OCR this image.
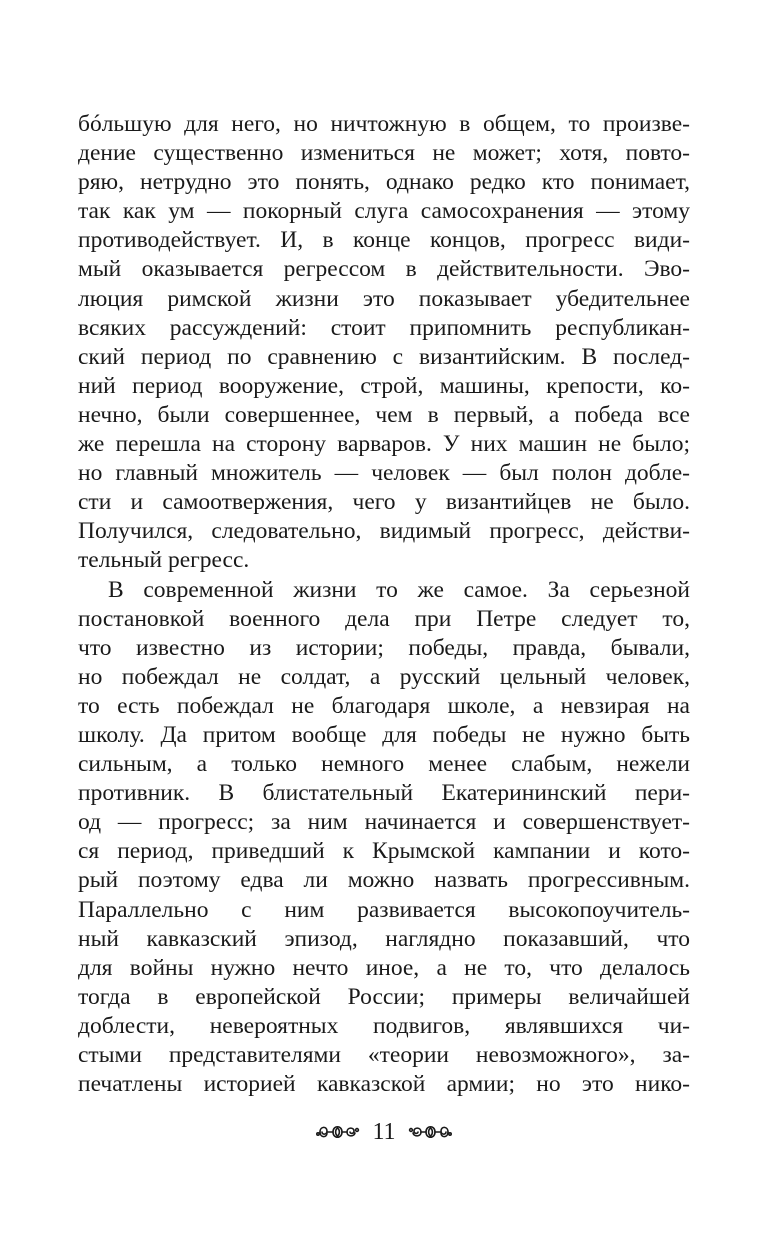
бóльшую для него, но ничтожную в общем, то произве-
дение существенно измениться не может; хотя, повто-
ряю, нетрудно это понять, однако редко кто понимает,
так как ум — покорный слуга самосохранения — этому
противодействует. И, в конце концов, прогресс види-
мый оказывается регрессом в действительности. Эво-
люция римской жизни это показывает убедительнее
всяких рассуждений: стоит припомнить республикан-
ский период по сравнению с византийским. В послед-
ний период вооружение, строй, машины, крепости, ко-
нечно, были совершеннее, чем в первый, а победа все
же перешла на сторону варваров. У них машин не было;
но главный множитель — человек — был полон добле-
сти и самоотвержения, чего у византийцев не было.
Получился, следовательно, видимый прогресс, действи-
тельный регресс.
В современной жизни то же самое. За серьезной
постановкой военного дела при Петре следует то,
что известно из истории; победы, правда, бывали,
но побеждал не солдат, а русский цельный человек,
то есть побеждал не благодаря школе, а невзирая на
школу. Да притом вообще для победы не нужно быть
сильным, а только немного менее слабым, нежели
противник. В блистательный Екатерининский пери-
од — прогресс; за ним начинается и совершенствует-
ся период, приведший к Крымской кампании и кото-
рый поэтому едва ли можно назвать прогрессивным.
Параллельно с ним развивается высокопоучитель-
ный кавказский эпизод, наглядно показавший, что
для войны нужно нечто иное, а не то, что делалось
тогда в европейской России; примеры величайшей
доблести, невероятных подвигов, являвшихся чи-
стыми представителями «теории невозможного», за-
печатлены историей кавказской армии; но это нико-
11
